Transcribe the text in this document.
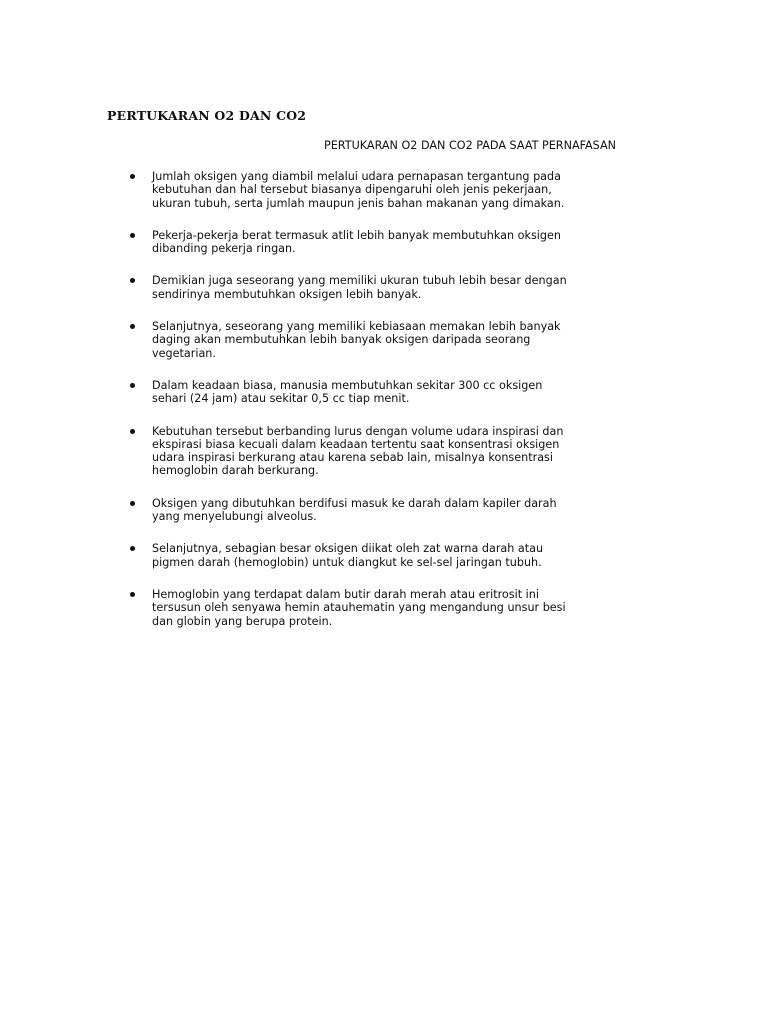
PERTUKARAN O2 DAN CO2

PERTUKARAN O2 DAN CO2 PADA SAAT PERNAFASAN

Jumlah oksigen yang diambil melalui udara pernapasan tergantung pada
kebutuhan dan hal tersebut biasanya dipengaruhi oleh jenis pekerjaan,
ukuran tubuh, serta jumlah maupun jenis bahan makanan yang dimakan.
Pekerja-pekerja berat termasuk atlit lebih banyak membutuhkan oksigen
dibanding pekerja ringan.
Demikian juga seseorang yang memiliki ukuran tubuh lebih besar dengan
sendirinya membutuhkan oksigen lebih banyak.
Selanjutnya, seseorang yang memiliki kebiasaan memakan lebih banyak
daging akan membutuhkan lebih banyak oksigen daripada seorang
vegetarian.
Dalam keadaan biasa, manusia membutuhkan sekitar 300 cc oksigen
sehari (24 jam) atau sekitar 0,5 cc tiap menit.
Kebutuhan tersebut berbanding lurus dengan volume udara inspirasi dan
ekspirasi biasa kecuali dalam keadaan tertentu saat konsentrasi oksigen
udara inspirasi berkurang atau karena sebab lain, misalnya konsentrasi
hemoglobin darah berkurang.
Oksigen yang dibutuhkan berdifusi masuk ke darah dalam kapiler darah
yang menyelubungi alveolus.
Selanjutnya, sebagian besar oksigen diikat oleh zat warna darah atau
pigmen darah (hemoglobin) untuk diangkut ke sel-sel jaringan tubuh.
Hemoglobin yang terdapat dalam butir darah merah atau eritrosit ini
tersusun oleh senyawa hemin atauhematin yang mengandung unsur besi
dan globin yang berupa protein.
